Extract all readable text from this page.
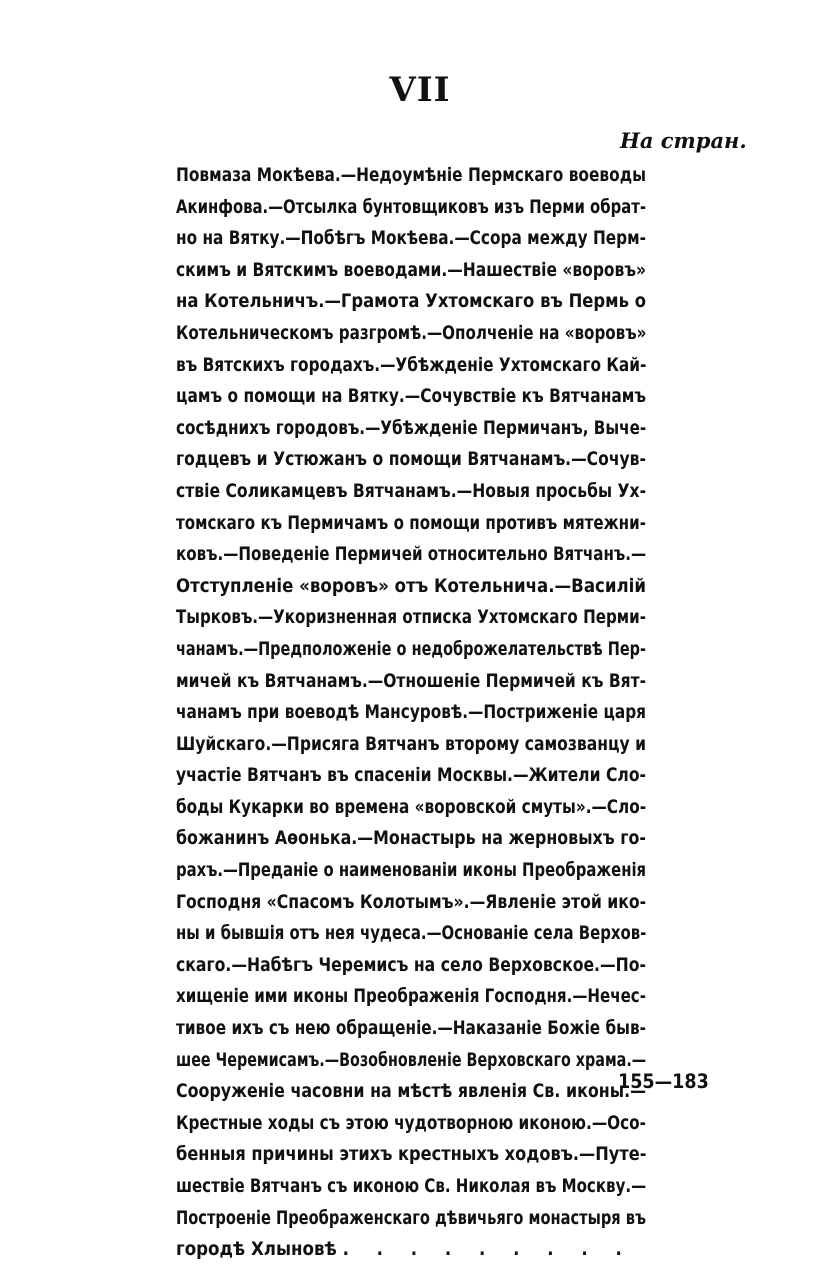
VII
На стран.
Повмаза Мокѣева.—Недоумѣніе Пермскаго воеводы
Акинфова.—Отсылка бунтовщиковъ изъ Перми обрат-
но на Вятку.—Побѣгъ Мокѣева.—Ссора между Перм-
скимъ и Вятскимъ воеводами.—Нашествіе «воровъ»
на Котельничъ.—Грамота Ухтомскаго въ Пермь о
Котельническомъ разгромѣ.—Ополченіе на «воровъ»
въ Вятскихъ городахъ.—Убѣжденіе Ухтомскаго Кай-
цамъ о помощи на Вятку.—Сочувствіе къ Вятчанамъ
сосѣднихъ городовъ.—Убѣжденіе Пермичанъ, Выче-
годцевъ и Устюжанъ о помощи Вятчанамъ.—Сочув-
ствіе Соликамцевъ Вятчанамъ.—Новыя просьбы Ух-
томскаго къ Пермичамъ о помощи противъ мятежни-
ковъ.—Поведеніе Пермичей относительно Вятчанъ.—
Отступленіе «воровъ» отъ Котельнича.—Василій
Тырковъ.—Укоризненная отписка Ухтомскаго Перми-
чанамъ.—Предположеніе о недоброжелательствѣ Пер-
мичей къ Вятчанамъ.—Отношеніе Пермичей къ Вят-
чанамъ при воеводѣ Мансуровѣ.—Постриженіе царя
Шуйскаго.—Присяга Вятчанъ второму самозванцу и
участіе Вятчанъ въ спасеніи Москвы.—Жители Сло-
боды Кукарки во времена «воровской смуты».—Сло-
божанинъ Аѳонька.—Монастырь на жерновыхъ го-
рахъ.—Преданіе о наименованіи иконы Преображенія
Господня «Спасомъ Колотымъ».—Явленіе этой ико-
ны и бывшія отъ нея чудеса.—Основаніе села Верхов-
скаго.—Набѣгъ Черемисъ на село Верховское.—По-
хищеніе ими иконы Преображенія Господня.—Нечес-
тивое ихъ съ нею обращеніе.—Наказаніе Божіе быв-
шее Черемисамъ.—Возобновленіе Верховскаго храма.—
Сооруженіе часовни на мѣстѣ явленія Св. иконы.—
Крестные ходы съ этою чудотворною иконою.—Осо-
бенныя причины этихъ крестныхъ ходовъ.—Путе-
шествіе Вятчанъ съ иконою Св. Николая въ Москву.—
Построеніе Преображенскаго дѣвичьяго монастыря въ
городѣ Хлыновѣ . . . . . . . . .
155—183
